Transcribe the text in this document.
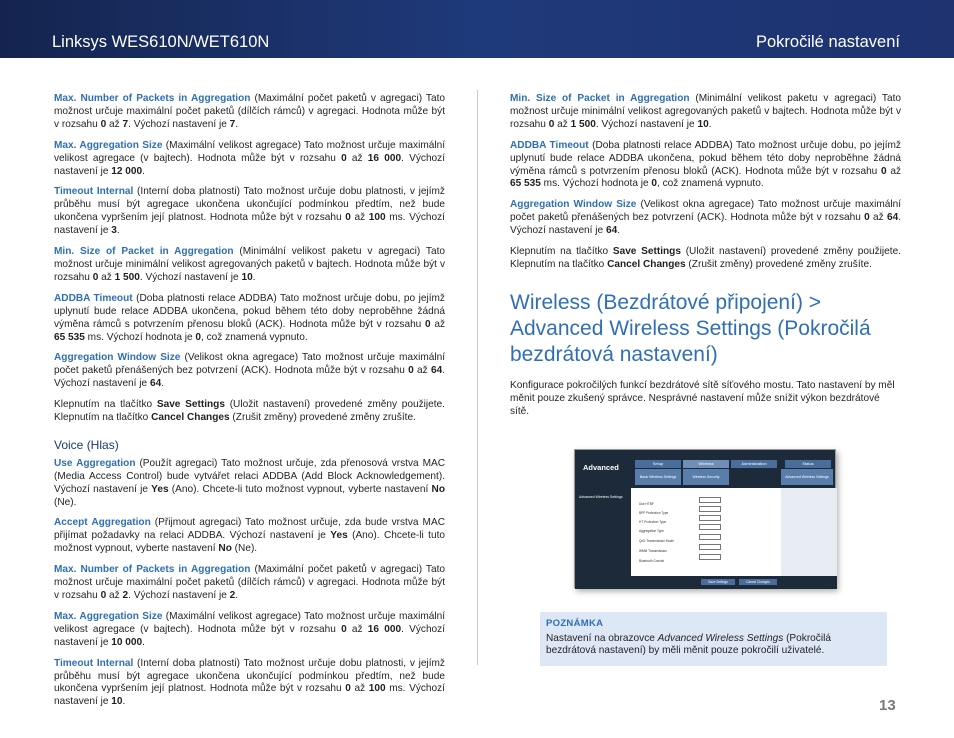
Linksys WES610N/WET610N	Pokročilé nastavení

Max. Number of Packets in Aggregation (Maximální počet paketů v agregaci) Tato možnost určuje maximální počet paketů (dílčích rámců) v agregaci. Hodnota může být v rozsahu 0 až 7. Výchozí nastavení je 7.

Max. Aggregation Size (Maximální velikost agregace) Tato možnost určuje maximální velikost agregace (v bajtech). Hodnota může být v rozsahu 0 až 16 000. Výchozí nastavení je 12 000.

Timeout Internal (Interní doba platnosti) Tato možnost určuje dobu platnosti, v jejímž průběhu musí být agregace ukončena ukončující podmínkou předtím, než bude ukončena vypršením její platnost. Hodnota může být v rozsahu 0 až 100 ms. Výchozí nastavení je 3.

Min. Size of Packet in Aggregation (Minimální velikost paketu v agregaci) Tato možnost určuje minimální velikost agregovaných paketů v bajtech. Hodnota může být v rozsahu 0 až 1 500. Výchozí nastavení je 10.

ADDBA Timeout (Doba platnosti relace ADDBA) Tato možnost určuje dobu, po jejímž uplynutí bude relace ADDBA ukončena, pokud během této doby neproběhne žádná výměna rámců s potvrzením přenosu bloků (ACK). Hodnota může být v rozsahu 0 až 65 535 ms. Výchozí hodnota je 0, což znamená vypnuto.

Aggregation Window Size (Velikost okna agregace) Tato možnost určuje maximální počet paketů přenášených bez potvrzení (ACK). Hodnota může být v rozsahu 0 až 64. Výchozí nastavení je 64.

Klepnutím na tlačítko Save Settings (Uložit nastavení) provedené změny použijete. Klepnutím na tlačítko Cancel Changes (Zrušit změny) provedené změny zrušíte.

Voice (Hlas)

Use Aggregation (Použít agregaci) Tato možnost určuje, zda přenosová vrstva MAC (Media Access Control) bude vytvářet relaci ADDBA (Add Block Acknowledgement). Výchozí nastavení je Yes (Ano). Chcete-li tuto možnost vypnout, vyberte nastavení No (Ne).

Accept Aggregation (Přijmout agregaci) Tato možnost určuje, zda bude vrstva MAC přijímat požadavky na relaci ADDBA. Výchozí nastavení je Yes (Ano). Chcete-li tuto možnost vypnout, vyberte nastavení No (Ne).

Max. Number of Packets in Aggregation (Maximální počet paketů v agregaci) Tato možnost určuje maximální počet paketů (dílčích rámců) v agregaci. Hodnota může být v rozsahu 0 až 2. Výchozí nastavení je 2.

Max. Aggregation Size (Maximální velikost agregace) Tato možnost určuje maximální velikost agregace (v bajtech). Hodnota může být v rozsahu 0 až 16 000. Výchozí nastavení je 10 000.

Timeout Internal (Interní doba platnosti) Tato možnost určuje dobu platnosti, v jejímž průběhu musí být agregace ukončena ukončující podmínkou předtím, než bude ukončena vypršením její platnost. Hodnota může být v rozsahu 0 až 100 ms. Výchozí nastavení je 10.

Min. Size of Packet in Aggregation (Minimální velikost paketu v agregaci) Tato možnost určuje minimální velikost agregovaných paketů v bajtech. Hodnota může být v rozsahu 0 až 1 500. Výchozí nastavení je 10.

ADDBA Timeout (Doba platnosti relace ADDBA) Tato možnost určuje dobu, po jejímž uplynutí bude relace ADDBA ukončena, pokud během této doby neproběhne žádná výměna rámců s potvrzením přenosu bloků (ACK). Hodnota může být v rozsahu 0 až 65 535 ms. Výchozí hodnota je 0, což znamená vypnuto.

Aggregation Window Size (Velikost okna agregace) Tato možnost určuje maximální počet paketů přenášených bez potvrzení (ACK). Hodnota může být v rozsahu 0 až 64. Výchozí nastavení je 64.

Klepnutím na tlačítko Save Settings (Uložit nastavení) provedené změny použijete. Klepnutím na tlačítko Cancel Changes (Zrušit změny) provedené změny zrušíte.

Wireless (Bezdrátové připojení) > Advanced Wireless Settings (Pokročilá bezdrátová nastavení)

Konfigurace pokročilých funkcí bezdrátové sítě síťového mostu. Tato nastavení by měl měnit pouze zkušený správce. Nesprávné nastavení může snížit výkon bezdrátové sítě.

Advanced	Setup	Wireless	Administration	Status
Basic Wireless Settings	Wireless Security	Advanced Wireless Settings
Advanced Wireless Settings
Use HTBF
BPP Protection Type
HT Protection Type
Aggregation Type
QoS Transmission Mode
WMM Transmission
Bluetooth Coexist
Save Settings	Cancel Changes
POZNÁMKA
Nastavení na obrazovce Advanced Wireless Settings (Pokročilá bezdrátová nastavení) by měli měnit pouze pokročilí uživatelé.
13
